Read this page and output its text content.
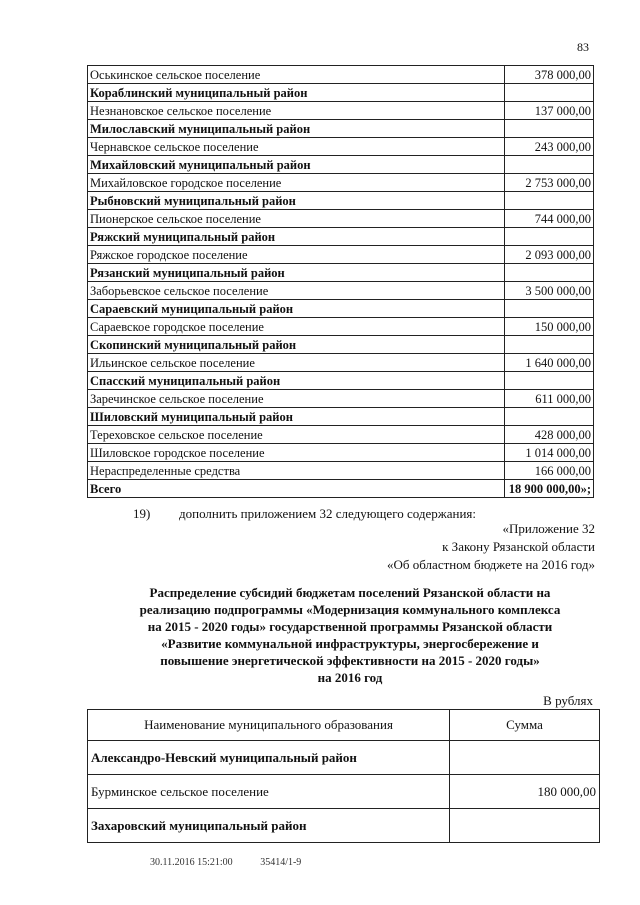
83
Оськинское сельское поселение	378 000,00
Кораблинский муниципальный район	
Незнановское сельское поселение	137 000,00
Милославский муниципальный район	
Чернавское сельское поселение	243 000,00
Михайловский муниципальный район	
Михайловское городское поселение	2 753 000,00
Рыбновский муниципальный район	
Пионерское сельское поселение	744 000,00
Ряжский муниципальный район	
Ряжское городское поселение	2 093 000,00
Рязанский муниципальный район	
Заборьевское сельское поселение	3 500 000,00
Сараевский муниципальный район	
Сараевское городское поселение	150 000,00
Скопинский муниципальный район	
Ильинское сельское поселение	1 640 000,00
Спасский муниципальный район	
Заречинское сельское поселение	611 000,00
Шиловский муниципальный район	
Тереховское сельское поселение	428 000,00
Шиловское городское поселение	1 014 000,00
Нераспределенные средства	166 000,00
Всего	18 900 000,00»;
19) дополнить приложением 32 следующего содержания:
«Приложение 32
к Закону Рязанской области
«Об областном бюджете на 2016 год»
Распределение субсидий бюджетам поселений Рязанской области на
реализацию подпрограммы «Модернизация коммунального комплекса
на 2015 - 2020 годы» государственной программы Рязанской области
«Развитие коммунальной инфраструктуры, энергосбережение и
повышение энергетической эффективности на 2015 - 2020 годы»
на 2016 год
В рублях
Наименование муниципального образования	Сумма
Александро-Невский муниципальный район	
Бурминское сельское поселение	180 000,00
Захаровский муниципальный район	
30.11.2016 15:21:00	35414/1-9
